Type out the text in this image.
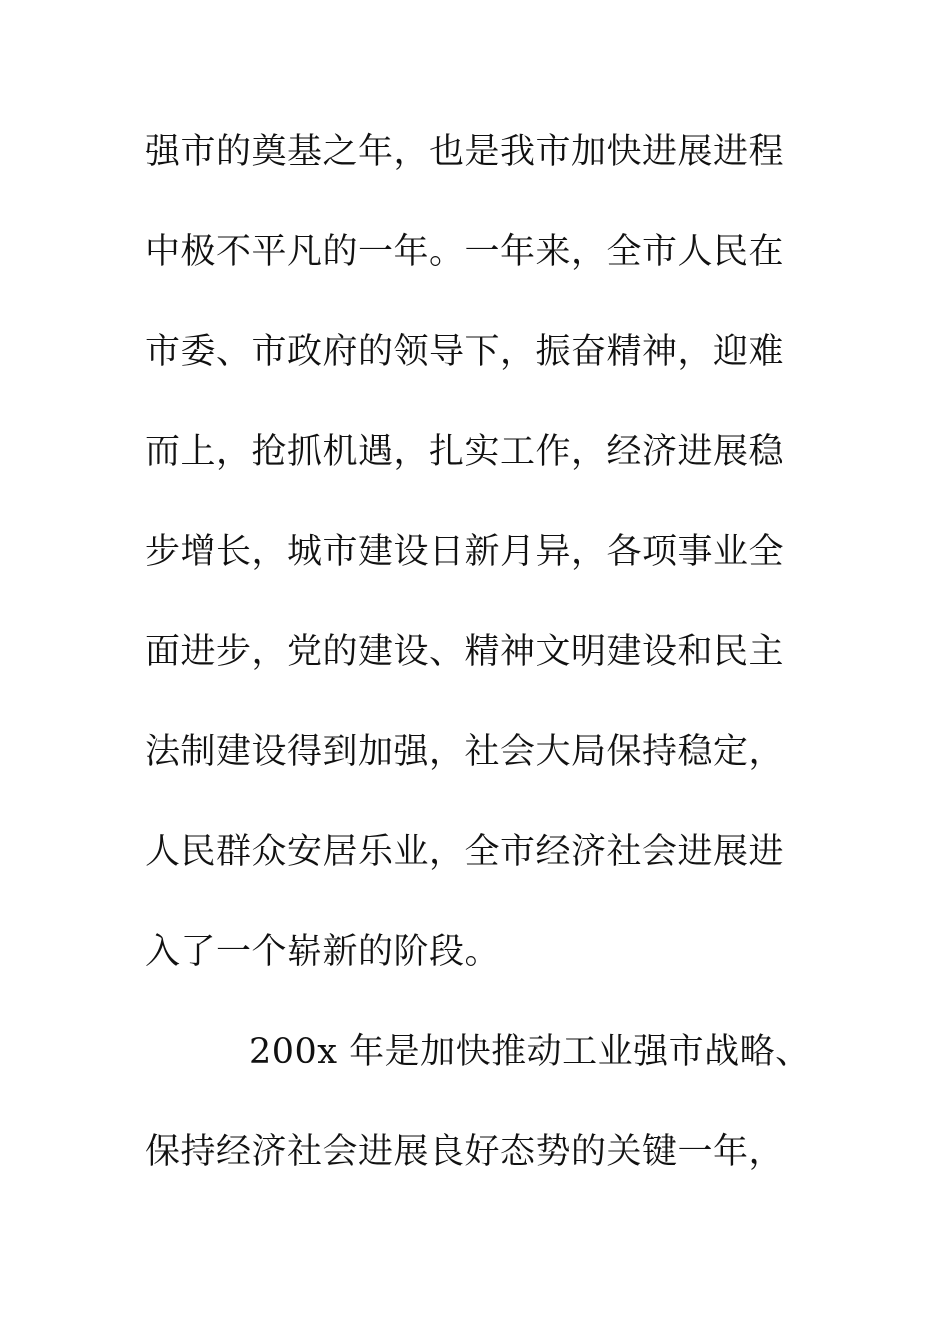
强市的奠基之年，也是我市加快进展进程
中极不平凡的一年。一年来，全市人民在
市委、市政府的领导下，振奋精神，迎难
而上，抢抓机遇，扎实工作，经济进展稳
步增长，城市建设日新月异，各项事业全
面进步，党的建设、精神文明建设和民主
法制建设得到加强，社会大局保持稳定，
人民群众安居乐业，全市经济社会进展进
入了一个崭新的阶段。
200x 年是加快推动工业强市战略、
保持经济社会进展良好态势的关键一年，
